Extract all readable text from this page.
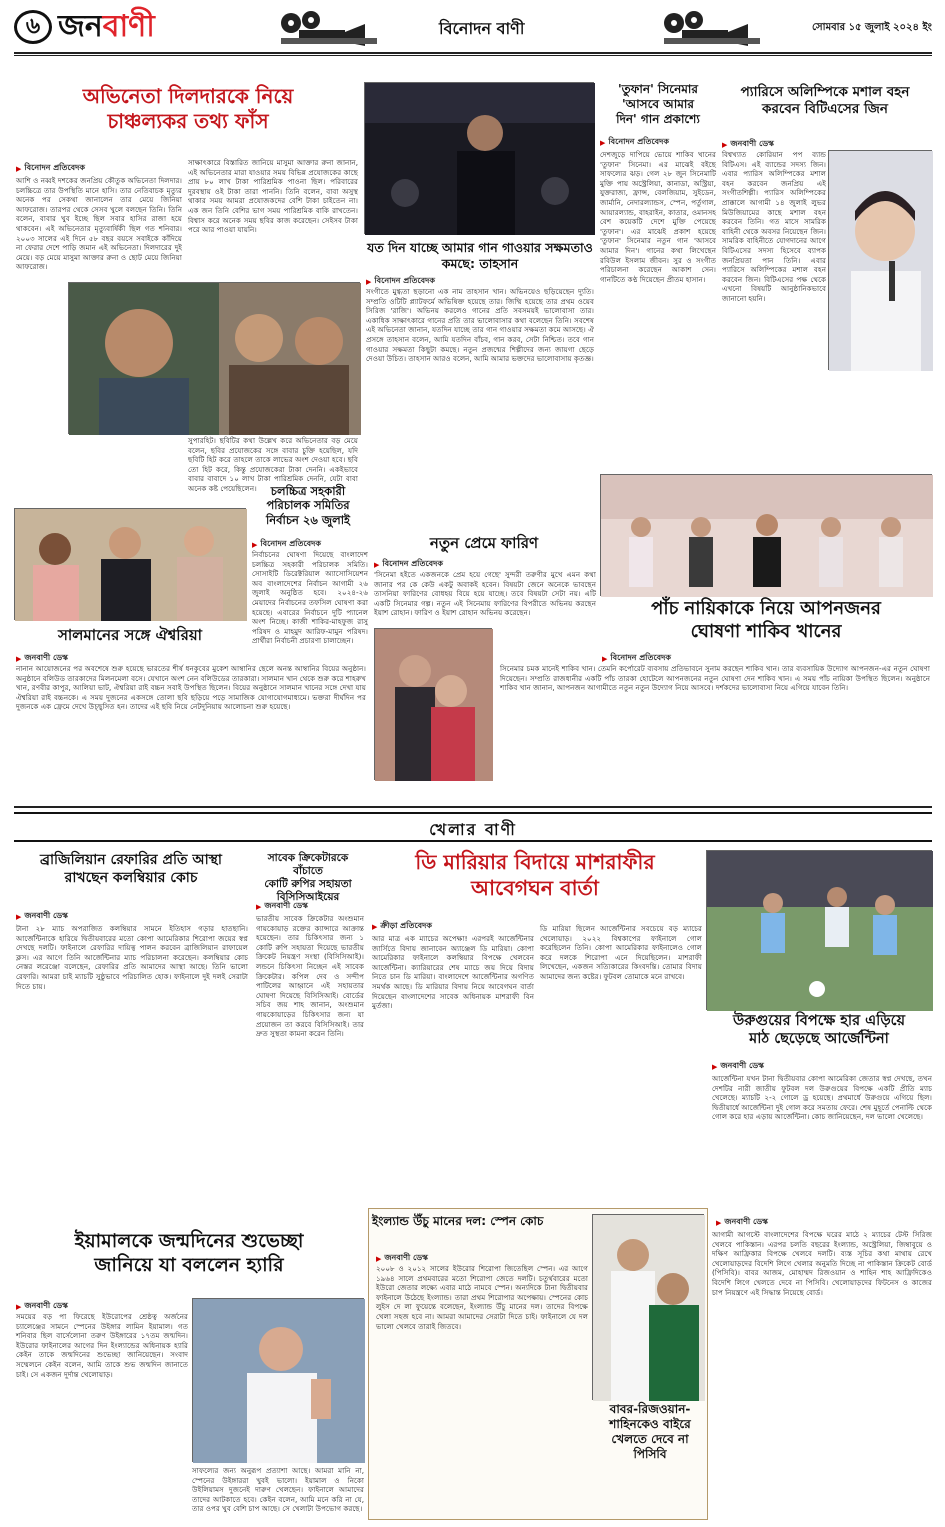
৬ জনবাণী	বিনোদন বাণী	সোমবার ১৫ জুলাই ২০২৪ ইং
অভিনেতা দিলদারকে নিয়ে
চাঞ্চল্যকর তথ্য ফাঁস
▶ বিনোদন প্রতিবেদক
আশি ও নব্বই দশকের জনপ্রিয় কৌতুক অভিনেতা দিলদার। চলচ্চিত্রে তার উপস্থিতি মানে হাসি। তার নেতিবাচক মৃত্যুর অনেক পর সেকথা জানালেন তার মেয়ে জিনিয়া আফরোজ। তারপর থেকে সেসব খুলে বলছেন তিনি। তিনি বলেন, বাবার খুব ইচ্ছে ছিল সবার হাসির রাজা হয়ে থাকবেন। এই অভিনেতার মৃত্যুবার্ষিকী ছিল গত শনিবার। ২০০৩ সালের এই দিনে ৫৮ বছর বয়সে সবাইকে কাঁদিয়ে না ফেরার দেশে পাড়ি জমান এই অভিনেতা। দিলদারের দুই মেয়ে। বড় মেয়ে মাসুমা আক্তার রুনা ও ছোট মেয়ে জিনিয়া আফরোজ।
সাক্ষাৎকারে বিস্তারিত জানিয়ে মাসুমা আক্তার রুনা জানান, এই অভিনেতার মারা যাওয়ার সময় বিভিন্ন প্রযোজকের কাছে প্রায় ৮০ লাখ টাকা পারিশ্রমিক পাওনা ছিল। পরিবারের দুরবস্থায় ওই টাকা তারা পাননি। তিনি বলেন, বাবা অসুস্থ থাকার সময় আমরা প্রযোজকদের বেশি টাকা চাইতেন না। এক জন তিনি বেশির ভাগ সময় পারিশ্রমিক বাকি রাখতেন। বিশ্বাস করে অনেক সময় ছবির কাজ করেছেন। সেইসব টাকা পরে আর পাওয়া যায়নি।
সুপারহিট। ছবিটির কথা উল্লেখ করে অভিনেতার বড় মেয়ে বলেন, ছবির প্রযোজকের সঙ্গে বাবার চুক্তি হয়েছিল, যদি ছবিটি হিট করে তাহলে তাকে লাভের অংশ দেওয়া হবে। ছবি তো হিট করে, কিন্তু প্রযোজকেরা টাকা দেননি। একইভাবে বাবার বাবাদে ১০ লাখ টাকা পারিশ্রমিক দেননি, যেটা বাবা অনেক কষ্ট পেয়েছিলেন।
যত দিন যাচ্ছে আমার গান গাওয়ার সক্ষমতাও কমছে: তাহসান
▶ বিনোদন প্রতিবেদক
সংগীতে মুগ্ধতা ছড়ানো এক নাম তাহসান খান। অভিনয়েও ছড়িয়েছেন দ্যুতি। সম্প্রতি ওটিটি প্ল্যাটফর্মে অভিষিক্ত হয়েছে তার। জিম্মি হয়েছে তার প্রথম ওয়েব সিরিজ 'রাজি'। অভিনয় করলেও গানের প্রতি সবসময়ই ভালোবাসা তার। একাধিক সাক্ষাৎকারে গানের প্রতি তার ভালোবাসার কথা বলেছেন তিনি। সবশেষ এই অভিনেতা জানান, যতদিন যাচ্ছে তার গান গাওয়ার সক্ষমতা কমে আসছে। ঐ প্রসঙ্গে তাহসান বলেন, আমি যতদিন বাঁচব, গান করব, সেটা নিশ্চিত। তবে গান গাওয়ার সক্ষমতা কিছুটা কমছে। নতুন প্রজন্মের শিল্পীদের জন্য জায়গা ছেড়ে দেওয়া উচিত। তাহসান আরও বলেন, আমি আমার ভক্তদের ভালোবাসায় কৃতজ্ঞ।
'তুফান' সিনেমার
'আসবে আমার
দিন' গান প্রকাশ্যে
▶ বিনোদন প্রতিবেদক
দেশজুড়ে দাপিয়ে ভোয়ে শাকিব খানের 'তুফান' সিনেমা। এর মাঝেই বইছে সাফল্যের ঝড়। গেল ২৮ জুন সিনেমাটি মুক্তি পায় অস্ট্রেলিয়া, কানাডা, অস্ট্রিয়া, যুক্তরাজ্য, ফ্রান্স, বেলজিয়াম, সুইডেন, জার্মানি, নেদারল্যান্ডস, স্পেন, পর্তুগাল, আয়ারল্যান্ড, বাহরাইন, কাতার, ওমানসহ বেশ কয়েকটি দেশে মুক্তি পেয়েছে 'তুফান'। এর মাঝেই প্রকাশ হয়েছে 'তুফান' সিনেমার নতুন গান 'আসবে আমার দিন'। গানের কথা লিখেছেন রবিউল ইসলাম জীবন। সুর ও সংগীত পরিচালনা করেছেন আকাশ সেন। গানটিতে কণ্ঠ দিয়েছেন প্রীতম হাসান।
প্যারিসে অলিম্পিকে মশাল বহন
করবেন বিটিএসের জিন
▶ জনবাণী ডেস্ক
বিশ্বখ্যাত কোরিয়ান পপ ব্যান্ড বিটিএস। এই ব্যান্ডের সদস্য জিন। এবার প্যারিস অলিম্পিকের মশাল বহন করবেন জনপ্রিয় এই সংগীতশিল্পী। প্যারিস অলিম্পিকের প্রাক্কালে আগামী ১৪ জুলাই লুভর মিউজিয়ামের কাছে মশাল বহন করবেন তিনি। গত মাসে সামরিক বাহিনী থেকে অবসর নিয়েছেন জিন। সামরিক বাহিনীতে যোগদানের আগে বিটিএসের সদস্য হিসেবে ব্যাপক জনপ্রিয়তা পান তিনি। এবার প্যারিসে অলিম্পিকের মশাল বহন করবেন জিন। বিটিএসের পক্ষ থেকে এখনো বিষয়টি আনুষ্ঠানিকভাবে জানানো হয়নি।
চলচ্চিত্র সহকারী
পরিচালক সমিতির
নির্বাচন ২৬ জুলাই
▶ বিনোদন প্রতিবেদক
নির্বাচনের ঘোষণা দিয়েছে বাংলাদেশ চলচ্চিত্র সহকারী পরিচালক সমিতি। সোসাইটি ডিরেক্টরিয়াল অ্যাসোসিয়েশন অব বাংলাদেশের নির্বাচন আগামী ২৬ জুলাই অনুষ্ঠিত হবে। ২০২৪-২৬ মেয়াদের নির্বাচনের তফসিল ঘোষণা করা হয়েছে। এবারের নির্বাচনে দুটি প্যানেল অংশ নিচ্ছে। কাজী শাকির-মাহফুজ রাসু পরিষদ ও মাহমুদ আরিফ-মামুন পরিষদ। প্রার্থীরা নির্বাচনী প্রচারণা চালাচ্ছেন।
সালমানের সঙ্গে ঐশ্বরিয়া
▶ জনবাণী ডেস্ক
নানান আয়োজনের পর অবশেষে শুরু হয়েছে ভারতের শীর্ষ ধনকুবের মুকেশ আম্বানির ছেলে অনন্ত আম্বানির বিয়ের অনুষ্ঠান। অনুষ্ঠানে বলিউড তারকাদের মিলনমেলা বসে। যেখানে অংশ নেন বলিউডের তারকারা। সালমান খান থেকে শুরু করে শাহরুখ খান, রণবীর কাপুর, আলিয়া ভাট, ঐশ্বরিয়া রাই বচ্চন সবাই উপস্থিত ছিলেন। বিয়ের অনুষ্ঠানে সালমান খানের সঙ্গে দেখা যায় ঐশ্বরিয়া রাই বচ্চনকে। এ সময় দুজনের একসঙ্গে তোলা ছবি ছড়িয়ে পড়ে সামাজিক যোগাযোগমাধ্যমে। ভক্তরা দীর্ঘদিন পর দুজনকে এক ফ্রেমে দেখে উচ্ছ্বসিত হন। তাদের এই ছবি নিয়ে নেটদুনিয়ায় আলোচনা শুরু হয়েছে।
নতুন প্রেমে ফারিণ
▶ বিনোদন প্রতিবেদক
'সিনেমা হইতে একজনকে প্রেম হয়ে গেছে' সুন্দরী তরুণীর মুখে এমন কথা জানার পর কে কেউ একটু অবাকই হবেন। বিষয়টা জেনে অনেকে ভাবছেন তাসনিয়া ফারিণের বোধহয় বিয়ে হয়ে যাচ্ছে। তবে বিষয়টা সেটা নয়। এটি একটি সিনেমার গল্প। নতুন এই সিনেমায় ফারিণের বিপরীতে অভিনয় করছেন ইয়াশ রোহান। ফারিণ ও ইয়াশ রোহান অভিনয় করেছেন।	পাঁচ নায়িকাকে নিয়ে আপনজনর
ঘোষণা শাকিব খানের
▶ বিনোদন প্রতিবেদক
সিনেমার চমক মানেই শাকিব খান। তেমনি কর্পোরেট ব্যবসায় প্রতিভাবনে সুনাম করছেন শাকিব খান। তার ব্যবসায়িক উদ্যোগ আপনজন-এর নতুন ঘোষণা দিয়েছেন। সম্প্রতি রাজধানীর একটি পাঁচ তারকা হোটেলে আপনজনের নতুন ঘোষণা দেন শাকিব খান। এ সময় পাঁচ নায়িকা উপস্থিত ছিলেন। অনুষ্ঠানে শাকিব খান জানান, আপনজন আগামীতে নতুন নতুন উদ্যোগ নিয়ে আসবে। দর্শকদের ভালোবাসা নিয়ে এগিয়ে যাবেন তিনি।
খেলার বাণী
ব্রাজিলিয়ান রেফারির প্রতি আস্থা
রাখছেন কলম্বিয়ার কোচ
▶ জনবাণী ডেস্ক
টানা ২৮ ম্যাচ অপরাজিত কলম্বিয়ার সামনে ইতিহাস গড়ার হাতছানি। আর্জেন্টিনাকে হারিয়ে দ্বিতীয়বারের মতো কোপা আমেরিকার শিরোপা জয়ের স্বপ্ন দেখছে দলটি। ফাইনালে রেফারির দায়িত্ব পালন করবেন ব্রাজিলিয়ান রাফায়েল ক্লস। এর আগে তিনি আর্জেন্টিনার ম্যাচ পরিচালনা করেছেন। কলম্বিয়ার কোচ নেস্তর লরেঞ্জো বলেছেন, রেফারির প্রতি আমাদের আস্থা আছে। তিনি ভালো রেফারি। আমরা চাই ম্যাচটি সুষ্ঠুভাবে পরিচালিত হোক। ফাইনালে দুই দলই সেরাটা দিতে চায়।
সাবেক ক্রিকেটারকে বাঁচাতে
কোটি রুপির সহায়তা
বিসিসিআইয়ের
▶ জনবাণী ডেস্ক
ভারতীয় সাবেক ক্রিকেটার অংশুমান গায়কোয়াড় রক্তের ক্যান্সারে আক্রান্ত হয়েছেন। তার চিকিৎসার জন্য ১ কোটি রুপি সহায়তা দিয়েছে ভারতীয় ক্রিকেট নিয়ন্ত্রণ সংস্থা (বিসিসিআই)। লন্ডনে চিকিৎসা নিচ্ছেন এই সাবেক ক্রিকেটার। কপিল দেব ও সন্দীপ পাটিলের আহ্বানে এই সহায়তার ঘোষণা দিয়েছে বিসিসিআই। বোর্ডের সচিব জয় শাহ জানান, অংশুমান গায়কোয়াড়ের চিকিৎসার জন্য যা প্রয়োজন তা করবে বিসিসিআই। তার দ্রুত সুস্থতা কামনা করেন তিনি।
ডি মারিয়ার বিদায়ে মাশরাফীর
আবেগঘন বার্তা
▶ ক্রীড়া প্রতিবেদক
আর মাত্র এক ম্যাচের অপেক্ষা! এরপরই আর্জেন্টিনার জার্সিতে বিদায় জানাবেন অ্যাঞ্জেল ডি মারিয়া। কোপা আমেরিকার ফাইনালে কলম্বিয়ার বিপক্ষে খেলবেন আর্জেন্টিনা। ক্যারিয়ারের শেষ ম্যাচে জয় দিয়ে বিদায় নিতে চান ডি মারিয়া। বাংলাদেশে আর্জেন্টিনার অগণিত সমর্থক আছে। ডি মারিয়ার বিদায় নিয়ে আবেগঘন বার্তা দিয়েছেন বাংলাদেশের সাবেক অধিনায়ক মাশরাফী বিন মুর্তজা।
ডি মারিয়া ছিলেন আর্জেন্টিনার সবচেয়ে বড় ম্যাচের খেলোয়াড়। ২০২২ বিশ্বকাপের ফাইনালে গোল করেছিলেন তিনি। কোপা আমেরিকার ফাইনালেও গোল করে দলকে শিরোপা এনে দিয়েছিলেন। মাশরাফী লিখেছেন, একজন সত্যিকারের কিংবদন্তি। তোমার বিদায় আমাদের জন্য কষ্টের। ফুটবল তোমাকে মনে রাখবে।
উরুগুয়ের বিপক্ষে হার এড়িয়ে
মাঠ ছেড়েছে আর্জেন্টিনা
▶ জনবাণী ডেস্ক
আর্জেন্টিনা যখন টানা দ্বিতীয়বার কোপা আমেরিকা জেতার স্বপ্ন দেখছে, তখন দেশটির নারী জাতীয় ফুটবল দল উরুগুয়ের বিপক্ষে একটি প্রীতি ম্যাচ খেলেছে। ম্যাচটি ২-২ গোলে ড্র হয়েছে। প্রথমার্ধে উরুগুয়ে এগিয়ে ছিল। দ্বিতীয়ার্ধে আর্জেন্টিনা দুই গোল করে সমতায় ফেরে। শেষ মুহূর্তে পেনাল্টি থেকে গোল করে হার এড়ায় আর্জেন্টিনা। কোচ জানিয়েছেন, দল ভালো খেলেছে।
ইয়ামালকে জন্মদিনের শুভেচ্ছা
জানিয়ে যা বললেন হ্যারি
▶ জনবাণী ডেস্ক
সময়ের বড় পা ফিরেছে ইউরোপের শ্রেষ্ঠত্ব অর্জনের চ্যালেঞ্জের সামনে স্পেনের উইঙ্গার লামিন ইয়ামাল। গত শনিবার ছিল বার্সেলোনা তরুণ উইঙ্গারের ১৭তম জন্মদিন। ইউরোর ফাইনালের আগের দিন ইংল্যান্ডের অধিনায়ক হ্যারি কেইন তাকে জন্মদিনের শুভেচ্ছা জানিয়েছেন। সংবাদ সম্মেলনে কেইন বলেন, আমি তাকে শুভ জন্মদিন জানাতে চাই। সে একজন দুর্দান্ত খেলোয়াড়।
সাফল্যের জন্য অনুরূপ প্রত্যাশা আছে। আমরা মানি না, স্পেনের উইঙ্গাররা খুবই ভালো। ইয়ামাল ও নিকো উইলিয়ামস দুজনেই দারুণ খেলছেন। ফাইনালে আমাদের তাদের আটকাতে হবে। কেইন বলেন, আমি মনে করি না যে, তার ওপর খুব বেশি চাপ আছে। সে খেলাটা উপভোগ করছে।
ইংল্যান্ড উঁচু মানের দল: স্পেন কোচ
▶ জনবাণী ডেস্ক
২০০৮ ও ২০১২ সালের ইউরোর শিরোপা জিতেছিল স্পেন। এর আগে ১৯৬৪ সালে প্রথমবারের মতো শিরোপা জেতে দলটি। চতুর্থবারের মতো ইউরো জেতার লক্ষ্যে এবার মাঠে নামবে স্পেন। অন্যদিকে টানা দ্বিতীয়বার ফাইনালে উঠেছে ইংল্যান্ড। তারা প্রথম শিরোপার অপেক্ষায়। স্পেনের কোচ লুইস দে লা ফুয়েন্তে বলেছেন, ইংল্যান্ড উঁচু মানের দল। তাদের বিপক্ষে খেলা সহজ হবে না। আমরা আমাদের সেরাটা দিতে চাই। ফাইনালে যে দল ভালো খেলবে তারাই জিতবে।
বাবর-রিজওয়ান-
শাহিনকেও বাইরে
খেলতে দেবে না
পিসিবি
▶ জনবাণী ডেস্ক
আগামী আগস্টে বাংলাদেশের বিপক্ষে ঘরের মাঠে ২ ম্যাচের টেস্ট সিরিজ খেলবে পাকিস্তান। এরপর চলতি বছরের ইংল্যান্ড, অস্ট্রেলিয়া, জিম্বাবুয়ে ও দক্ষিণ আফ্রিকার বিপক্ষে খেলবে দলটি। ব্যস্ত সূচির কথা মাথায় রেখে খেলোয়াড়দের বিদেশি লিগে খেলার অনুমতি দিচ্ছে না পাকিস্তান ক্রিকেট বোর্ড (পিসিবি)। বাবর আজম, মোহাম্মদ রিজওয়ান ও শাহিন শাহ আফ্রিদিকেও বিদেশি লিগে খেলতে দেবে না পিসিবি। খেলোয়াড়দের ফিটনেস ও কাজের চাপ নিয়ন্ত্রণে এই সিদ্ধান্ত নিয়েছে বোর্ড।
